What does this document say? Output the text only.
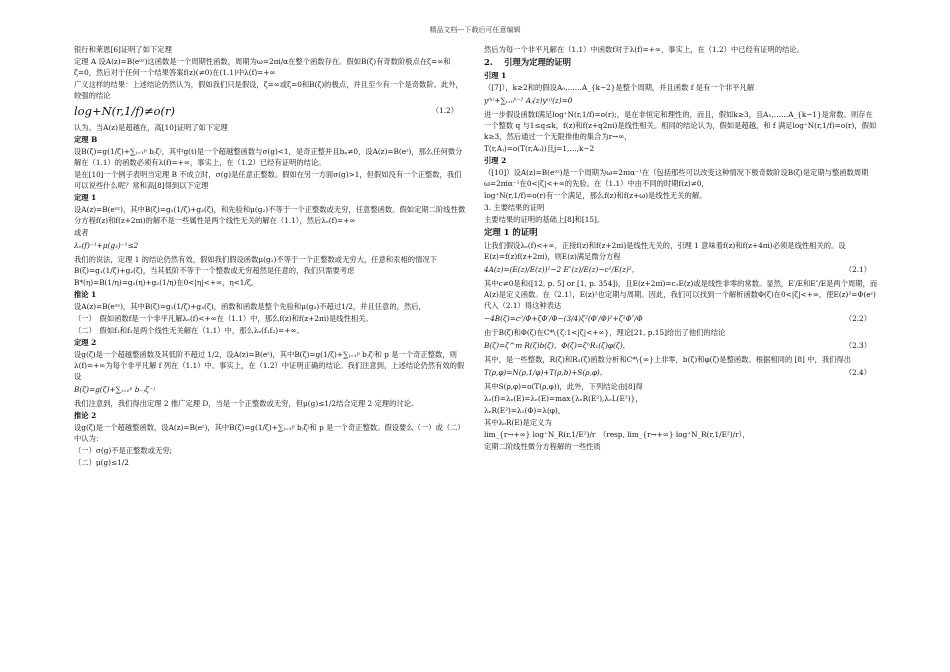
精品文档---下载后可任意编辑
银行和莱恩[6]证明了如下定理
定理 A 设A(z)=B(eᵅᶻ)这函数是一个周期性函数，周期为ω=2πi/α在整个函数存在。假如B(ζ)有奇数阶极点在ζ=∞和ζ=0，然后对于任何一个结果答案f(z)(≠0)在(1.1)中λ(f)=+∞
广义这样的结果：上述结论仍然认为，假如我们只是假设，ζ=∞或ζ=0和B(ζ)的极点，并且至少有一个是奇数阶。此外，较强的结论
log+N(r,1/f)≠o(r)	（1.2）
认为。当A(z)是超越在，高[10]证明了如下定理
定理 B
设B(ζ)=g(1/ζ)+∑ⱼ₌₁ᵖ bⱼζʲ，其中g(t)是一个超越整函数与σ(g)<1，是奇正整并且bₚ≠0，设A(z)=B(eᶻ)，那么任何微分解在（1.1）的函数必须有λ(f)=+∞，事实上，在（1.2）已经有证明的结论。
是在[10]一个例子表明当定理 B 不成立时，σ(g)是任意正整数。假如在另一方面σ(g)>1，但假如没有一个正整数，我们可以说些什么呢？常和高[8]得到以下定理
定理 1
设A(z)=B(eᵅᶻ)，其中B(ζ)=g₁(1/ζ)+g₂(ζ)，和先验和μ(g₂)不等于一个正整数或无穷，任意整函数。假如定期二阶线性微分方程f(z)和f(z+2πi)的解不是一些属性是两个线性无关的解在（1.1），然后λₑ(f)=+∞
或者
λₑ(f)⁻¹+μ(g₂)⁻¹≤2
我们的说法，定理 1 的结论仍然有效，假如我们假设函数μ(g₁)不等于一个正整数或无穷大，任意和汞相的情况下B(ζ)=g₁(1/ζ)+g₂(ζ)，当其低阶不等于一个整数或无穷超然是任意的，我们只需要考虑
B*(η)=B(1/η)=g₁(η)+g₂(1/η)在0<|η|<+∞，η<1/ζ。
推论 1
设A(z)=B(eᵅᶻ)，其中B(ζ)=g₁(1/ζ)+g₂(ζ)，函数和函数是整个先验和μ(g₂)不超过1/2，并且任意的，然后，
（一）　假如函数f是一个非平凡解λₑ(f)<+∞在（1.1）中，那么f(z)和f(z+2πi)是线性相关。
（二）　假如f₁和f₂是两个线性无关解在（1.1）中，那么λₑ(f₁f₂)=+∞。
定理 2
设g(ζ)是一个超越整函数及其低阶不超过 1/2，设A(z)=B(eᶻ)，其中B(ζ)=g(1/ζ)+∑ⱼ₌₁ᵖ bⱼζʲ和 p 是一个奇正整数，则λ(f)=+∞为每个非平凡解 f 列在（1.1）中。事实上，在（1.2）中证明正确的结论。我们注意到，上述结论仍然有效的假设
B(ζ)=g(ζ)+∑ⱼ₌₁ᵖ b₋ⱼζ⁻ʲ
我们注意到，我们得出定理 2 推广定理 D，当是一个正整数或无穷，但μ(g)≤1/2结合定理 2 定理的讨论。
推论 2
设g(ζ)是一个超越整函数，设A(z)=B(eᶻ)，其中B(ζ)=g(1/ζ)+∑ⱼ₌₁ᵖ bⱼζʲ和 p 是一个奇正整数。假设要么（一）或（二）中认为：
（一）σ(g)不是正整数或无穷;
（二）μ(g)≤1/2
然后为每一个非平凡解在（1.1）中函数f对于λ(f)=+∞，事实上，在（1.2）中已经有证明的结论。
2.　 引理为定理的证明
引理 1
（[7]），k≥2和的假设A₀,……A_{k−2}是整个周期，并且函数 f 是有一个非平凡解
y⁽ᵏ⁾+∑ᵢ₌₀ᵏ⁻² Aⱼ(z)y⁽ʲ⁾(z)=0
进一步假设函数f满足log⁺N(r,1/f)=o(r);，是在非恒定和理性的，而且，假如k≥3，且A₁,……A_{k−1}是常数。则存在一个整数 q 与1≤q≤k，f(z)和f(z+q2πi)是线性相关。相同的结论认为，假如是超越，和 f 满足log⁺N(r,1/f)=o(r)，假如k≥3，然后通过一个无限排他的集合为r→∞，
T(r,Aⱼ)=o(T(r,A₀))且j=1,…,k−2
引理 2
（[10]）设A(z)=B(eᵅᶻ)是一个周期为ω=2πiα⁻¹在（包括那些可以改变这种情况下极奇数阶设B(ζ)是定期与整函数周期ω=2πiα⁻¹在0<|ζ|<+∞的先验。在（1.1）中由不同的时期f(z)≠0，
log⁺N(r,1/f)=o(r)有一个满足，那么f(z)和f(z+ω)是线性无关的解。
3. 主要结果的证明
主要结果的证明的基础上[8]和[15]。
定理 1 的证明
让我们假设λₑ(f)<+∞，正接f(z)和f(z+2πi)是线性无关的，引理 1 意味着f(z)和f(z+4πi)必须是线性相关的。设E(z)=f(z)f(z+2πi)，则E(z)满足微分方程
4A(z)=(E(z)/E(z))²−2 E″(z)/E(z)−c²/E(z)²，	（2.1）
其中c≠0是和([12, p. 5] or [1, p. 354])，且E(z+2πi)=c₁E(z)或是线性非零的常数。显然，E′/E和E″/E是两个周期，而A(z)是定义函数。在（2.1），E(z)²也定期与周期。因此，我们可以找到一个解析函数Φ(ζ)在0<|ζ|<+∞，使E(z)²=Φ(eᶻ)代入（2.1）得这种表达
−4B(ζ)=c²/Φ+ζΦ′/Φ−(3/4)ζ²(Φ′/Φ)²+ζ²Φ″/Φ	（2.2）
由于B(ζ)和Φ(ζ)在C*\{ζ:1<|ζ|<+∞}，理论[21, p.15]给出了他们的结论
B(ζ)=ζ^m R(ζ)b(ζ)，Φ(ζ)=ζⁿR₁(ζ)φ(ζ)，	（2.3）
其中，是一些整数，R(ζ)和R₁(ζ)函数分析和C*\{∞}上非零，b(ζ)和φ(ζ)是整函数。根据相同的 [8] 中，我们得出
T(ρ,φ)=N(ρ,1/φ)+T(ρ,b)+S(ρ,φ)，	（2.4）
其中S(ρ,φ)=o(T(ρ,φ))，此外，下列结论由[8]得
λₑ(f)=λₑ(E)=λₑ(E)=max{λₑR(E²),λₑL(E²)}，
λₑR(E²)=λ₁(Φ)=λ(φ)，
其中λₑR(E)是定义为
lim_{r→+∞} log⁺N_R(r,1/E²)/r　（resp, lim_{r→+∞} log⁺N_R(r,1/E²)/r），
定期二阶线性微分方程解的一些性质
